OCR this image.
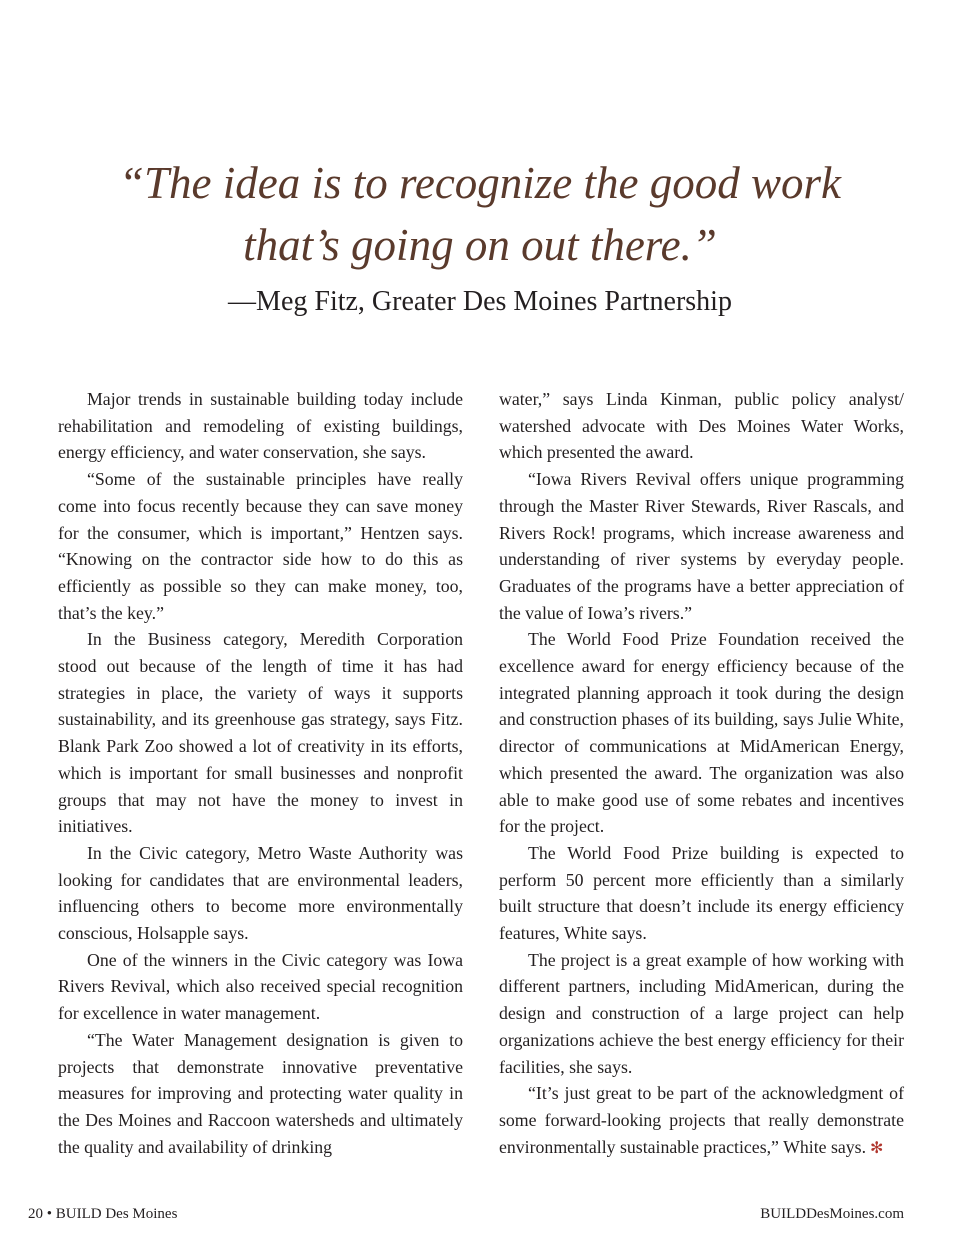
“The idea is to recognize the good work

that’s going on out there.”

—Meg Fitz, Greater Des Moines Partnership

Major trends in sustainable building today include rehabilitation and remodeling of existing buildings, energy efficiency, and water conservation, she says.

“Some of the sustainable principles have really come into focus recently because they can save money for the consumer, which is important,” Hentzen says. “Knowing on the contractor side how to do this as efficiently as possible so they can make money, too, that’s the key.”

In the Business category, Meredith Corporation stood out because of the length of time it has had strategies in place, the variety of ways it supports sustainability, and its greenhouse gas strategy, says Fitz. Blank Park Zoo showed a lot of creativity in its efforts, which is important for small businesses and nonprofit groups that may not have the money to invest in initiatives.

In the Civic category, Metro Waste Authority was looking for candidates that are environmental leaders, influencing others to become more environmentally conscious, Holsapple says.

One of the winners in the Civic category was Iowa Rivers Revival, which also received special recognition for excellence in water management.

“The Water Management designation is given to projects that demonstrate innovative preventative measures for improving and protecting water quality in the Des Moines and Raccoon watersheds and ultimately the quality and availability of drinking

water,” says Linda Kinman, public policy analyst/ watershed advocate with Des Moines Water Works, which presented the award.

“Iowa Rivers Revival offers unique programming through the Master River Stewards, River Rascals, and Rivers Rock! programs, which increase awareness and understanding of river systems by everyday people. Graduates of the programs have a better appreciation of the value of Iowa’s rivers.”

The World Food Prize Foundation received the excellence award for energy efficiency because of the integrated planning approach it took during the design and construction phases of its building, says Julie White, director of communications at MidAmerican Energy, which presented the award. The organization was also able to make good use of some rebates and incentives for the project.

The World Food Prize building is expected to perform 50 percent more efficiently than a similarly built structure that doesn’t include its energy efficiency features, White says.

The project is a great example of how working with different partners, including MidAmerican, during the design and construction of a large project can help organizations achieve the best energy efficiency for their facilities, she says.

“It’s just great to be part of the acknowledgment of some forward-looking projects that really demonstrate environmentally sustainable practices,” White says. ✻

20 • BUILD Des Moines	BUILDDesMoines.com
